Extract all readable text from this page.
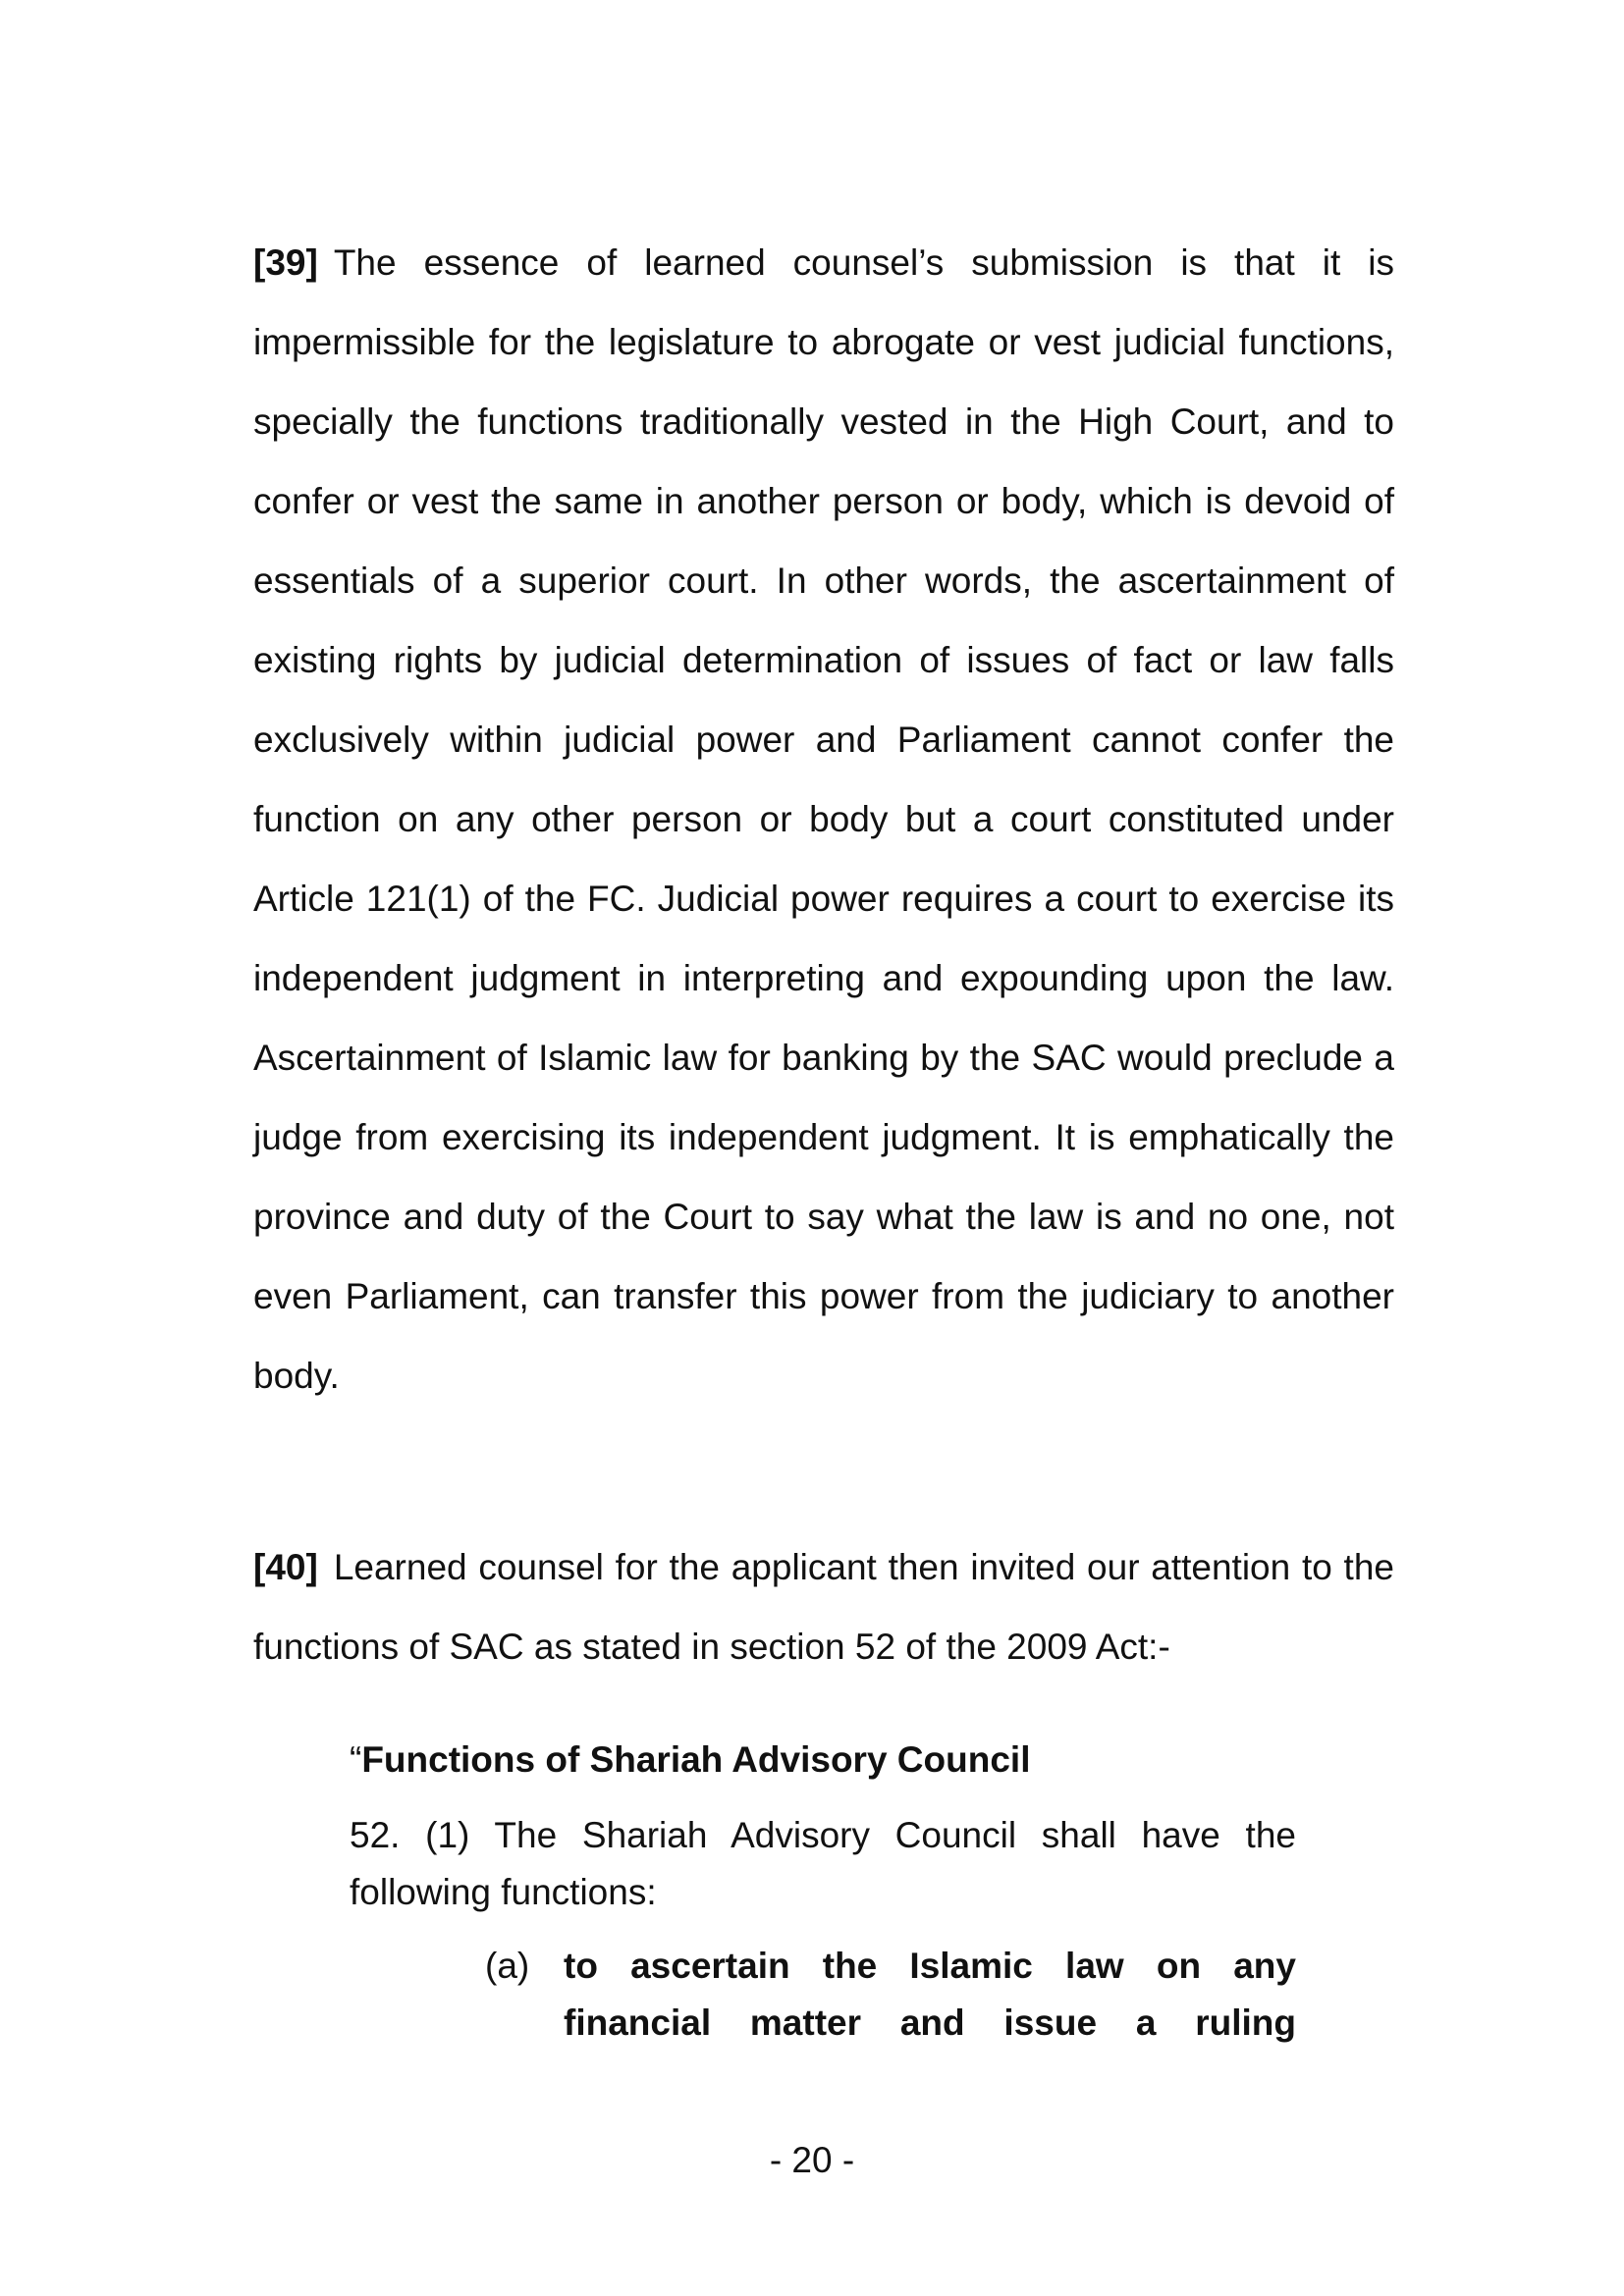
[39] The essence of learned counsel’s submission is that it is impermissible for the legislature to abrogate or vest judicial functions, specially the functions traditionally vested in the High Court, and to confer or vest the same in another person or body, which is devoid of essentials of a superior court. In other words, the ascertainment of existing rights by judicial determination of issues of fact or law falls exclusively within judicial power and Parliament cannot confer the function on any other person or body but a court constituted under Article 121(1) of the FC. Judicial power requires a court to exercise its independent judgment in interpreting and expounding upon the law. Ascertainment of Islamic law for banking by the SAC would preclude a judge from exercising its independent judgment. It is emphatically the province and duty of the Court to say what the law is and no one, not even Parliament, can transfer this power from the judiciary to another body.

[40] Learned counsel for the applicant then invited our attention to the functions of SAC as stated in section 52 of the 2009 Act:-

“Functions of Shariah Advisory Council

52. (1) The Shariah Advisory Council shall have the following functions:

(a) to ascertain the Islamic law on any financial matter and issue a ruling
- 20 -
